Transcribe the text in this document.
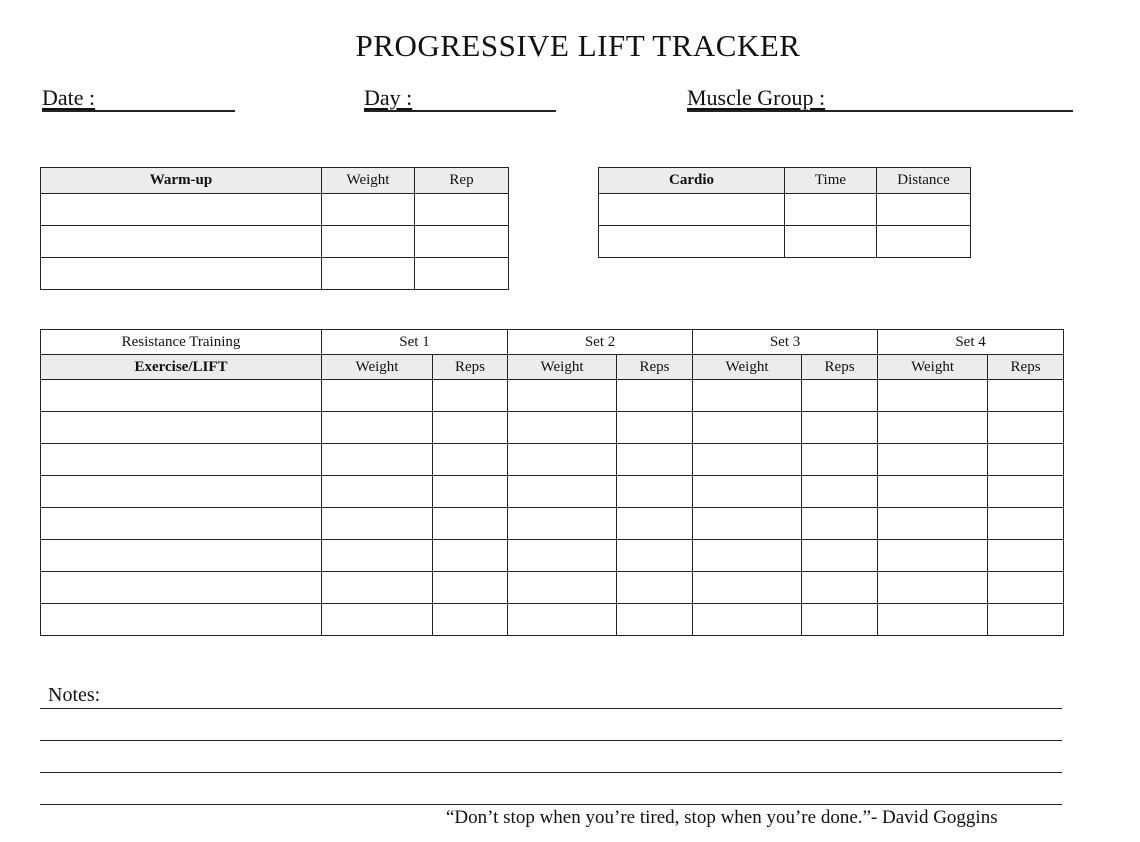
PROGRESSIVE LIFT TRACKER
Date :	Day :	Muscle Group :
Warm-up	Weight	Rep

			Cardio	Time	Distance

Resistance Training	Set 1		Set 2		Set 3		Set 4	
Exercise/LIFT	Weight	Reps	Weight	Reps	Weight	Reps	Weight	Reps

Notes:
“Don’t stop when you’re tired, stop when you’re done.”- David Goggins
